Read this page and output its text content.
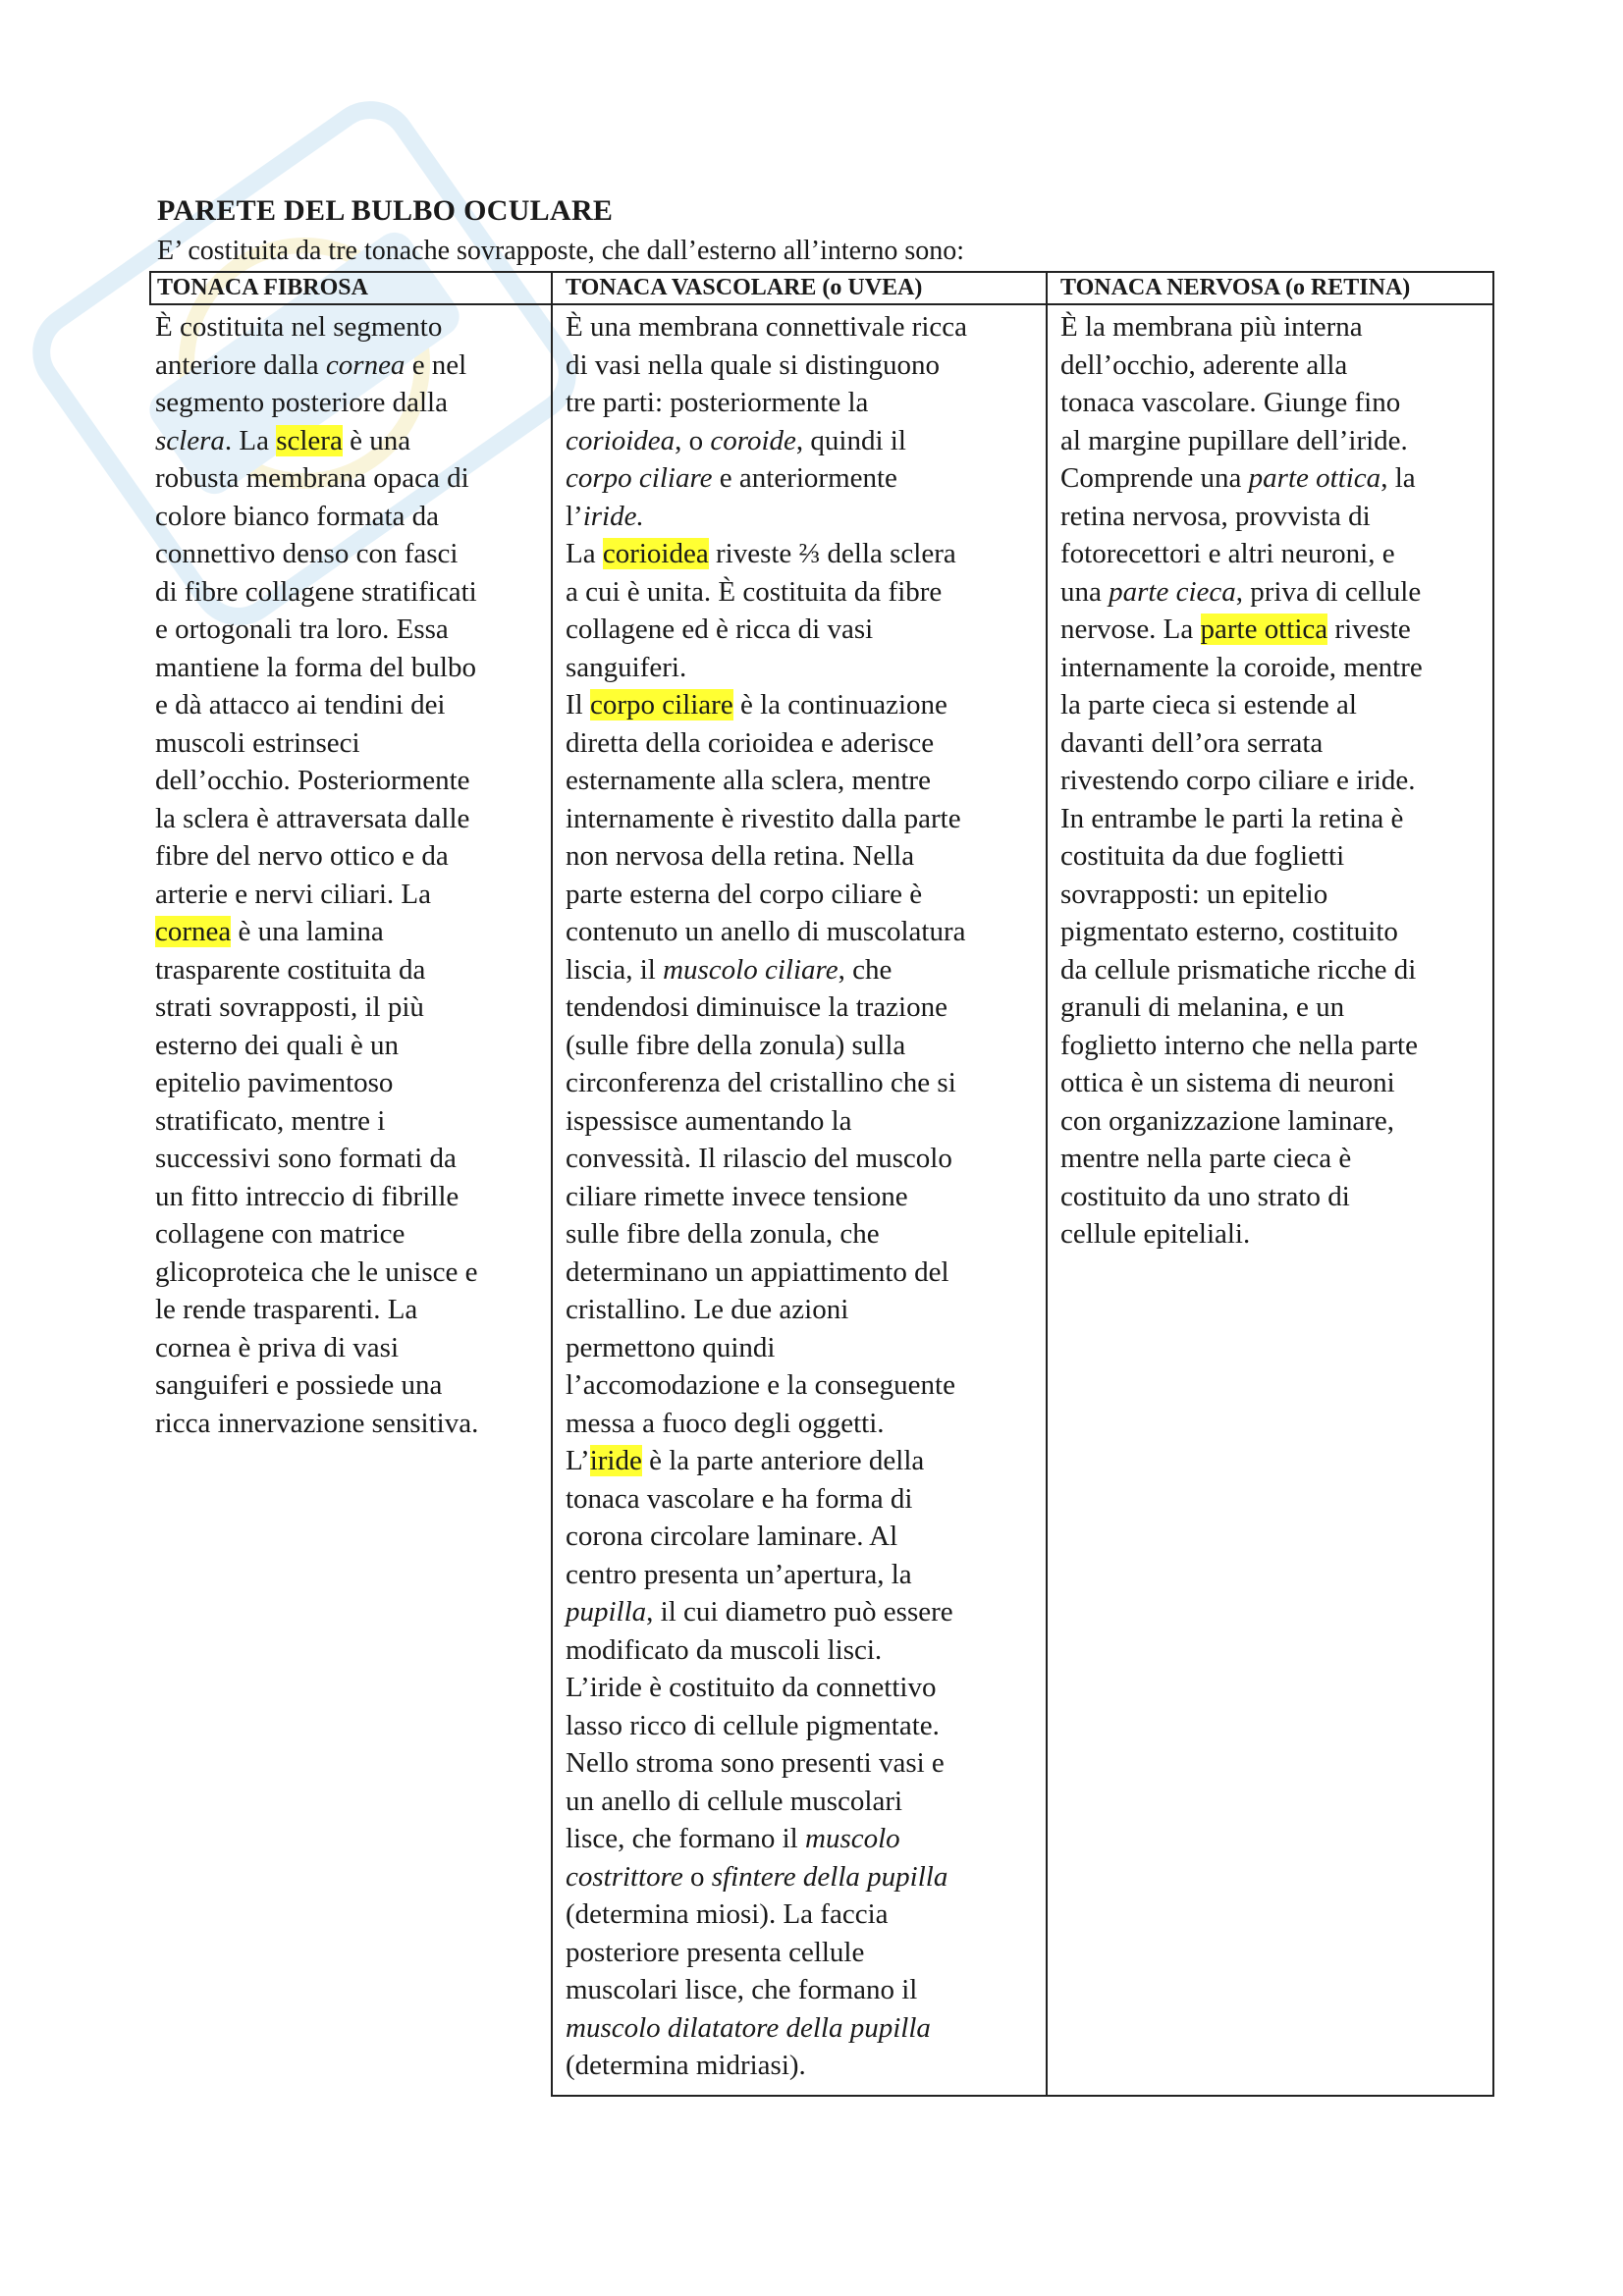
PARETE DEL BULBO OCULARE
E’ costituita da tre tonache sovrapposte, che dall’esterno all’interno sono:
TONACA FIBROSA	TONACA VASCOLARE (o UVEA)	TONACA NERVOSA (o RETINA)
È costituita nel segmento
anteriore dalla cornea e nel
segmento posteriore dalla
sclera. La sclera è una
robusta membrana opaca di
colore bianco formata da
connettivo denso con fasci
di fibre collagene stratificati
e ortogonali tra loro. Essa
mantiene la forma del bulbo
e dà attacco ai tendini dei
muscoli estrinseci
dell’occhio. Posteriormente
la sclera è attraversata dalle
fibre del nervo ottico e da
arterie e nervi ciliari. La
cornea è una lamina
trasparente costituita da
strati sovrapposti, il più
esterno dei quali è un
epitelio pavimentoso
stratificato, mentre i
successivi sono formati da
un fitto intreccio di fibrille
collagene con matrice
glicoproteica che le unisce e
le rende trasparenti. La
cornea è priva di vasi
sanguiferi e possiede una
ricca innervazione sensitiva.
È una membrana connettivale ricca
di vasi nella quale si distinguono
tre parti: posteriormente la
corioidea, o coroide, quindi il
corpo ciliare e anteriormente
l’iride.
La corioidea riveste ⅔ della sclera
a cui è unita. È costituita da fibre
collagene ed è ricca di vasi
sanguiferi.
Il corpo ciliare è la continuazione
diretta della corioidea e aderisce
esternamente alla sclera, mentre
internamente è rivestito dalla parte
non nervosa della retina. Nella
parte esterna del corpo ciliare è
contenuto un anello di muscolatura
liscia, il muscolo ciliare, che
tendendosi diminuisce la trazione
(sulle fibre della zonula) sulla
circonferenza del cristallino che si
ispessisce aumentando la
convessità. Il rilascio del muscolo
ciliare rimette invece tensione
sulle fibre della zonula, che
determinano un appiattimento del
cristallino. Le due azioni
permettono quindi
l’accomodazione e la conseguente
messa a fuoco degli oggetti.
L’iride è la parte anteriore della
tonaca vascolare e ha forma di
corona circolare laminare. Al
centro presenta un’apertura, la
pupilla, il cui diametro può essere
modificato da muscoli lisci.
L’iride è costituito da connettivo
lasso ricco di cellule pigmentate.
Nello stroma sono presenti vasi e
un anello di cellule muscolari
lisce, che formano il muscolo
costrittore o sfintere della pupilla
(determina miosi). La faccia
posteriore presenta cellule
muscolari lisce, che formano il
muscolo dilatatore della pupilla
(determina midriasi).
È la membrana più interna
dell’occhio, aderente alla
tonaca vascolare. Giunge fino
al margine pupillare dell’iride.
Comprende una parte ottica, la
retina nervosa, provvista di
fotorecettori e altri neuroni, e
una parte cieca, priva di cellule
nervose. La parte ottica riveste
internamente la coroide, mentre
la parte cieca si estende al
davanti dell’ora serrata
rivestendo corpo ciliare e iride.
In entrambe le parti la retina è
costituita da due foglietti
sovrapposti: un epitelio
pigmentato esterno, costituito
da cellule prismatiche ricche di
granuli di melanina, e un
foglietto interno che nella parte
ottica è un sistema di neuroni
con organizzazione laminare,
mentre nella parte cieca è
costituito da uno strato di
cellule epiteliali.
